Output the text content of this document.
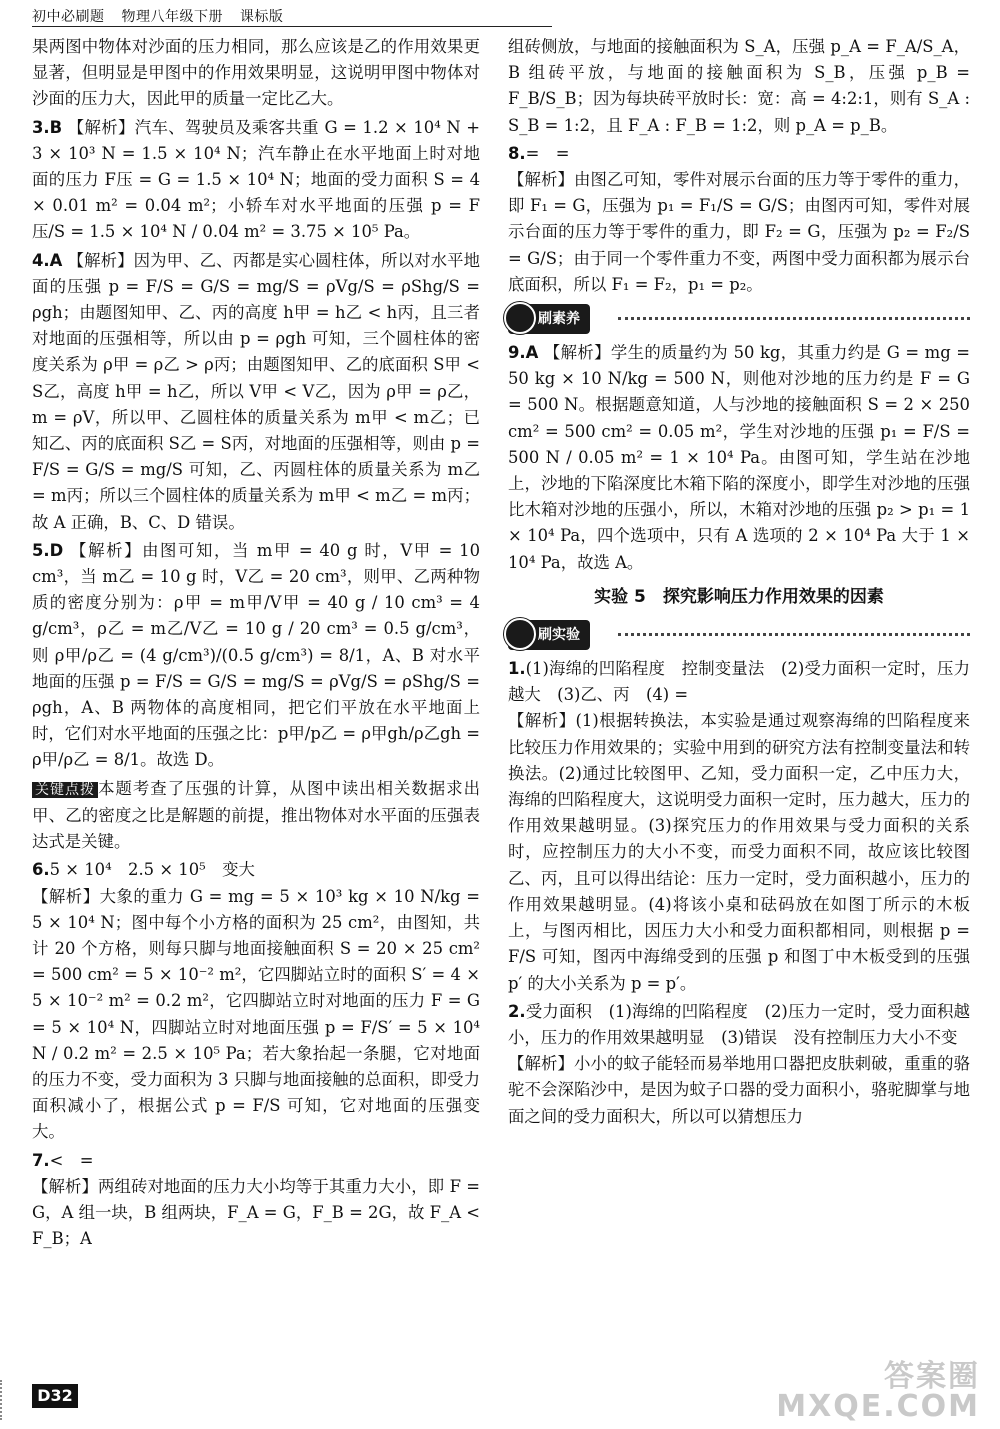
初中必刷题 物理八年级下册 课标版

果两图中物体对沙面的压力相同，那么应该是乙的作用效果更显著，但明显是甲图中的作用效果明显，这说明甲图中物体对沙面的压力大，因此甲的质量一定比乙大。

3.B 【解析】汽车、驾驶员及乘客共重 G = 1.2 × 10⁴ N + 3 × 10³ N = 1.5 × 10⁴ N；汽车静止在水平地面上时对地面的压力 F压 = G = 1.5 × 10⁴ N；地面的受力面积 S = 4 × 0.01 m² = 0.04 m²；小轿车对水平地面的压强 p = F压/S = 1.5 × 10⁴ N / 0.04 m² = 3.75 × 10⁵ Pa。

4.A 【解析】因为甲、乙、丙都是实心圆柱体，所以对水平地面的压强 p = F/S = G/S = mg/S = ρVg/S = ρShg/S = ρgh；由题图知甲、乙、丙的高度 h甲 = h乙 < h丙，且三者对地面的压强相等，所以由 p = ρgh 可知，三个圆柱体的密度关系为 ρ甲 = ρ乙 > ρ丙；由题图知甲、乙的底面积 S甲 < S乙，高度 h甲 = h乙，所以 V甲 < V乙，因为 ρ甲 = ρ乙，m = ρV，所以甲、乙圆柱体的质量关系为 m甲 < m乙；已知乙、丙的底面积 S乙 = S丙，对地面的压强相等，则由 p = F/S = G/S = mg/S 可知，乙、丙圆柱体的质量关系为 m乙 = m丙；所以三个圆柱体的质量关系为 m甲 < m乙 = m丙；故 A 正确，B、C、D 错误。

5.D 【解析】由图可知，当 m甲 = 40 g 时，V甲 = 10 cm³，当 m乙 = 10 g 时，V乙 = 20 cm³，则甲、乙两种物质的密度分别为：ρ甲 = m甲/V甲 = 40 g / 10 cm³ = 4 g/cm³，ρ乙 = m乙/V乙 = 10 g / 20 cm³ = 0.5 g/cm³，则 ρ甲/ρ乙 = (4 g/cm³)/(0.5 g/cm³) = 8/1，A、B 对水平地面的压强 p = F/S = G/S = mg/S = ρVg/S = ρShg/S = ρgh，A、B 两物体的高度相同，把它们平放在水平地面上时，它们对水平地面的压强之比：p甲/p乙 = ρ甲gh/ρ乙gh = ρ甲/ρ乙 = 8/1。故选 D。

关键点拨 本题考查了压强的计算，从图中读出相关数据求出甲、乙的密度之比是解题的前提，推出物体对水平面的压强表达式是关键。

6.5 × 10⁴　2.5 × 10⁵　变大
【解析】大象的重力 G = mg = 5 × 10³ kg × 10 N/kg = 5 × 10⁴ N；图中每个小方格的面积为 25 cm²，由图知，共计 20 个方格，则每只脚与地面接触面积 S = 20 × 25 cm² = 500 cm² = 5 × 10⁻² m²，它四脚站立时的面积 S′ = 4 × 5 × 10⁻² m² = 0.2 m²，它四脚站立时对地面的压力 F = G = 5 × 10⁴ N，四脚站立时对地面压强 p = F/S′ = 5 × 10⁴ N / 0.2 m² = 2.5 × 10⁵ Pa；若大象抬起一条腿，它对地面的压力不变，受力面积为 3 只脚与地面接触的总面积，即受力面积减小了，根据公式 p = F/S 可知，它对地面的压强变大。

7.<　=
【解析】两组砖对地面的压力大小均等于其重力大小，即 F = G，A 组一块，B 组两块，F_A = G，F_B = 2G，故 F_A < F_B；A

组砖侧放，与地面的接触面积为 S_A，压强 p_A = F_A/S_A，B 组砖平放，与地面的接触面积为 S_B，压强 p_B = F_B/S_B；因为每块砖平放时长：宽：高 = 4:2:1，则有 S_A : S_B = 1:2，且 F_A : F_B = 1:2，则 p_A = p_B。

8.=　=
【解析】由图乙可知，零件对展示台面的压力等于零件的重力，即 F₁ = G，压强为 p₁ = F₁/S = G/S；由图丙可知，零件对展示台面的压力等于零件的重力，即 F₂ = G，压强为 p₂ = F₂/S = G/S；由于同一个零件重力不变，两图中受力面积都为展示台底面积，所以 F₁ = F₂，p₁ = p₂。

刷素养

9.A 【解析】学生的质量约为 50 kg，其重力约是 G = mg = 50 kg × 10 N/kg = 500 N，则他对沙地的压力约是 F = G = 500 N。根据题意知道，人与沙地的接触面积 S = 2 × 250 cm² = 500 cm² = 0.05 m²，学生对沙地的压强 p₁ = F/S = 500 N / 0.05 m² = 1 × 10⁴ Pa。由图可知，学生站在沙地上，沙地的下陷深度比木箱下陷的深度小，即学生对沙地的压强比木箱对沙地的压强小，所以，木箱对沙地的压强 p₂ > p₁ = 1 × 10⁴ Pa，四个选项中，只有 A 选项的 2 × 10⁴ Pa 大于 1 × 10⁴ Pa，故选 A。

实验 5　探究影响压力作用效果的因素
刷实验

1.(1)海绵的凹陷程度　控制变量法　(2)受力面积一定时，压力越大　(3)乙、丙　(4) =
【解析】(1)根据转换法，本实验是通过观察海绵的凹陷程度来比较压力作用效果的；实验中用到的研究方法有控制变量法和转换法。(2)通过比较图甲、乙知，受力面积一定，乙中压力大，海绵的凹陷程度大，这说明受力面积一定时，压力越大，压力的作用效果越明显。(3)探究压力的作用效果与受力面积的关系时，应控制压力的大小不变，而受力面积不同，故应该比较图乙、丙，且可以得出结论：压力一定时，受力面积越小，压力的作用效果越明显。(4)将该小桌和砝码放在如图丁所示的木板上，与图丙相比，因压力大小和受力面积都相同，则根据 p = F/S 可知，图丙中海绵受到的压强 p 和图丁中木板受到的压强 p′ 的大小关系为 p = p′。

2.受力面积　(1)海绵的凹陷程度　(2)压力一定时，受力面积越小，压力的作用效果越明显　(3)错误　没有控制压力大小不变
【解析】小小的蚊子能轻而易举地用口器把皮肤刺破，重重的骆驼不会深陷沙中，是因为蚊子口器的受力面积小，骆驼脚掌与地面之间的受力面积大，所以可以猜想压力

D32
答案圈
MXQE.COM
